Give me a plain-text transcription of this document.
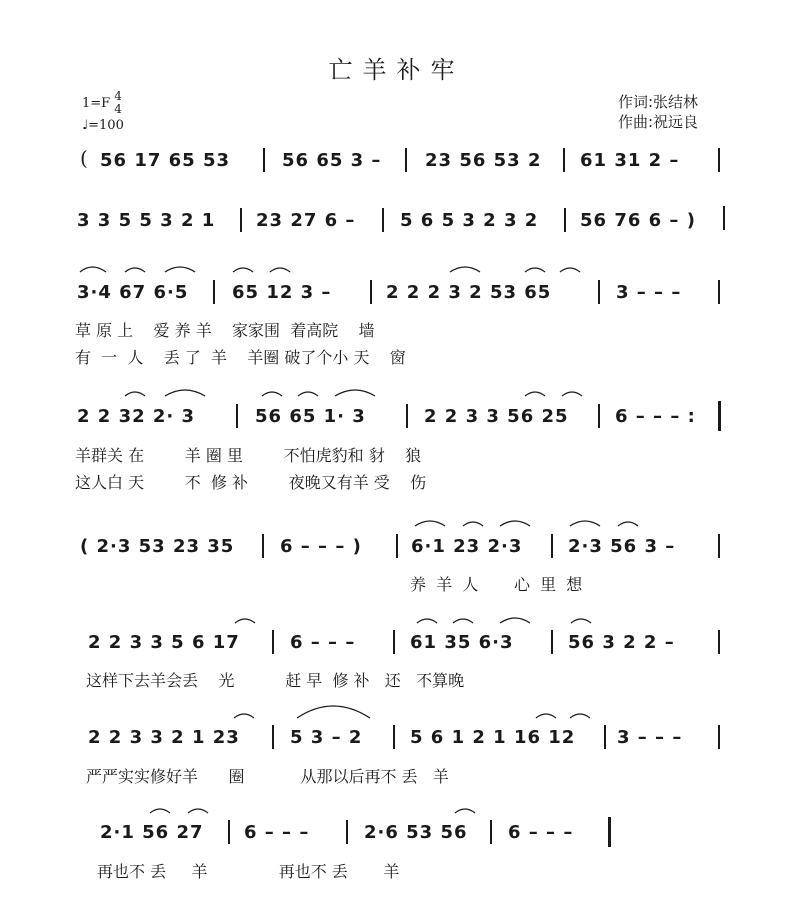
亡羊补牢
1=F 4
4
♩=100
作词:张结林
作曲:祝远良
( 56 17 65 53	56 65 3 – 23 56 53 2 61 31 2 –
3 3 5 5 3 2 1 23 27 6 – 5 6 5 3 2 3 2 56 76 6 – )
3·4 67 6·5 65 12 3 –	2 2 2 3 2 53 65	3 – – –
草 原 上    爱 养 羊    家家围  着高院    墙
有  一  人    丢 了  羊    羊圈 破了个小 天    窗
2 2 32 2· 3	56 65 1· 3	2 2 3 3 56 25	6 – – – :
羊群关 在        羊 圈 里        不怕虎豹和 豺    狼
这人白 天        不  修 补        夜晚又有羊 受    伤
( 2·3 53 23 35	6 – – – )	6·1 23 2·3	2·3 56 3 –
养  羊  人       心  里  想
2 2 3 3 5 6 17	6 – – –	61 35 6·3	56 3 2 2 –
这样下去羊会丢    光          赶 早  修 补   还   不算晚
2 2 3 3 2 1 23	5 3 – 2	5 6 1 2 1 16 12 3 – – –
严严实实修好羊      圈           从那以后再不 丢   羊
2·1 56 27 6 – – –	2·6 53 56 6 – – –
再也不 丢     羊              再也不 丢       羊
